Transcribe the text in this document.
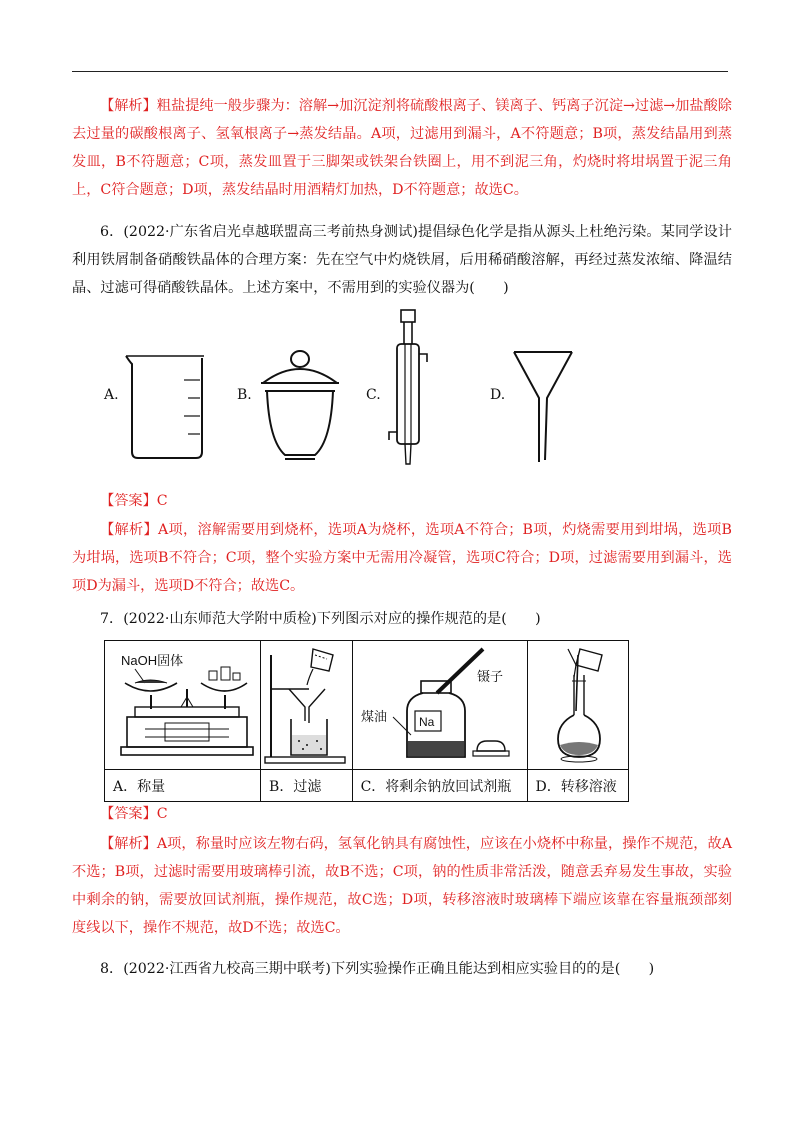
【解析】粗盐提纯一般步骤为：溶解→加沉淀剂将硫酸根离子、镁离子、钙离子沉淀→过滤→加盐酸除去过量的碳酸根离子、氢氧根离子→蒸发结晶。A项，过滤用到漏斗，A不符题意；B项，蒸发结晶用到蒸发皿，B不符题意；C项，蒸发皿置于三脚架或铁架台铁圈上，用不到泥三角，灼烧时将坩埚置于泥三角上，C符合题意；D项，蒸发结晶时用酒精灯加热，D不符题意；故选C。
6．(2022·广东省启光卓越联盟高三考前热身测试)提倡绿色化学是指从源头上杜绝污染。某同学设计利用铁屑制备硝酸铁晶体的合理方案：先在空气中灼烧铁屑，后用稀硝酸溶解，再经过蒸发浓缩、降温结晶、过滤可得硝酸铁晶体。上述方案中，不需用到的实验仪器为(　　)
A.	B.	C.	D.
【答案】C
【解析】A项，溶解需要用到烧杯，选项A为烧杯，选项A不符合；B项，灼烧需要用到坩埚，选项B为坩埚，选项B不符合；C项，整个实验方案中无需用冷凝管，选项C符合；D项，过滤需要用到漏斗，选项D为漏斗，选项D不符合；故选C。
7．(2022·山东师范大学附中质检)下列图示对应的操作规范的是(　　)
NaOH固体		镊子
Na
煤油

A．称量	B．过滤	C．将剩余钠放回试剂瓶	D．转移溶液
【答案】C
【解析】A项，称量时应该左物右码，氢氧化钠具有腐蚀性，应该在小烧杯中称量，操作不规范，故A不选；B项，过滤时需要用玻璃棒引流，故B不选；C项，钠的性质非常活泼，随意丢弃易发生事故，实验中剩余的钠，需要放回试剂瓶，操作规范，故C选；D项，转移溶液时玻璃棒下端应该靠在容量瓶颈部刻度线以下，操作不规范，故D不选；故选C。
8．(2022·江西省九校高三期中联考)下列实验操作正确且能达到相应实验目的的是(　　)
